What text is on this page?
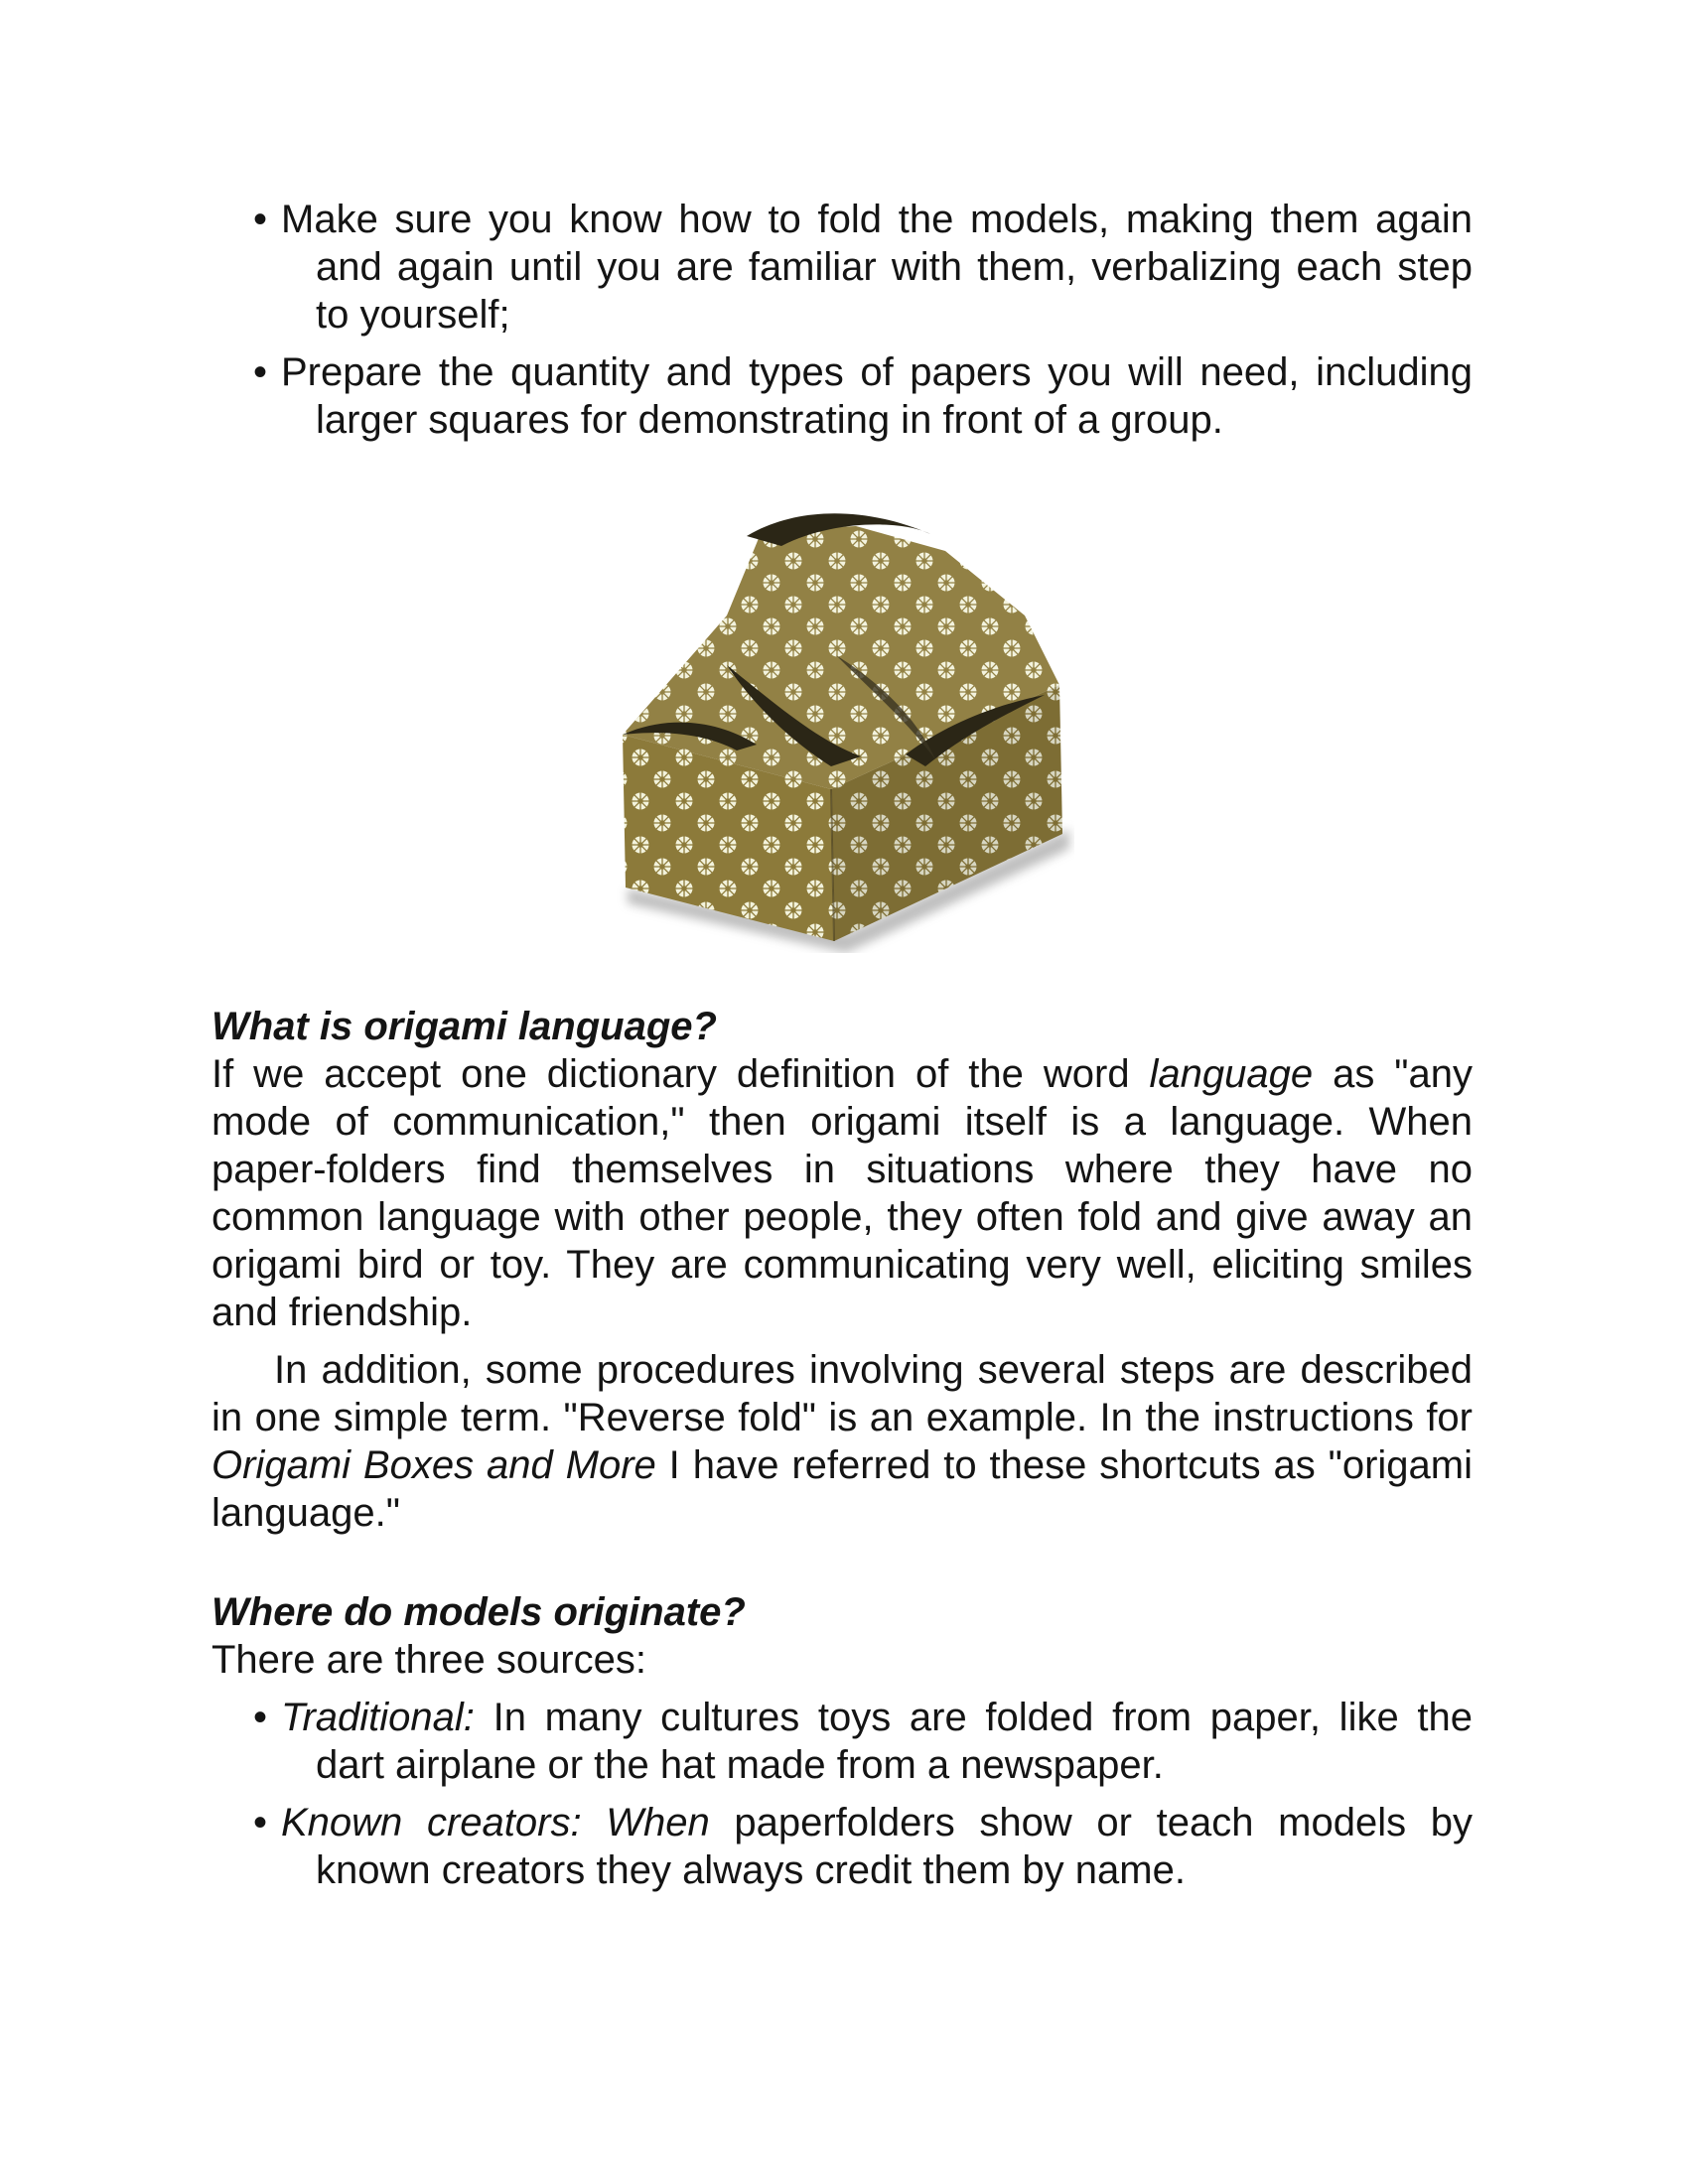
• Make sure you know how to fold the models, making them again and again until you are familiar with them, verbalizing each step to yourself;
• Prepare the quantity and types of papers you will need, including larger squares for demonstrating in front of a group.

What is origami language?

If we accept one dictionary definition of the word language as "any mode of communication," then origami itself is a language. When paper-folders find themselves in situations where they have no common language with other people, they often fold and give away an origami bird or toy. They are communicating very well, eliciting smiles and friendship.

In addition, some procedures involving several steps are described in one simple term. "Reverse fold" is an example. In the instructions for Origami Boxes and More I have referred to these shortcuts as "origami language."

Where do models originate?

There are three sources:

• Traditional: In many cultures toys are folded from paper, like the dart airplane or the hat made from a newspaper.
• Known creators: When paperfolders show or teach models by known creators they always credit them by name.
